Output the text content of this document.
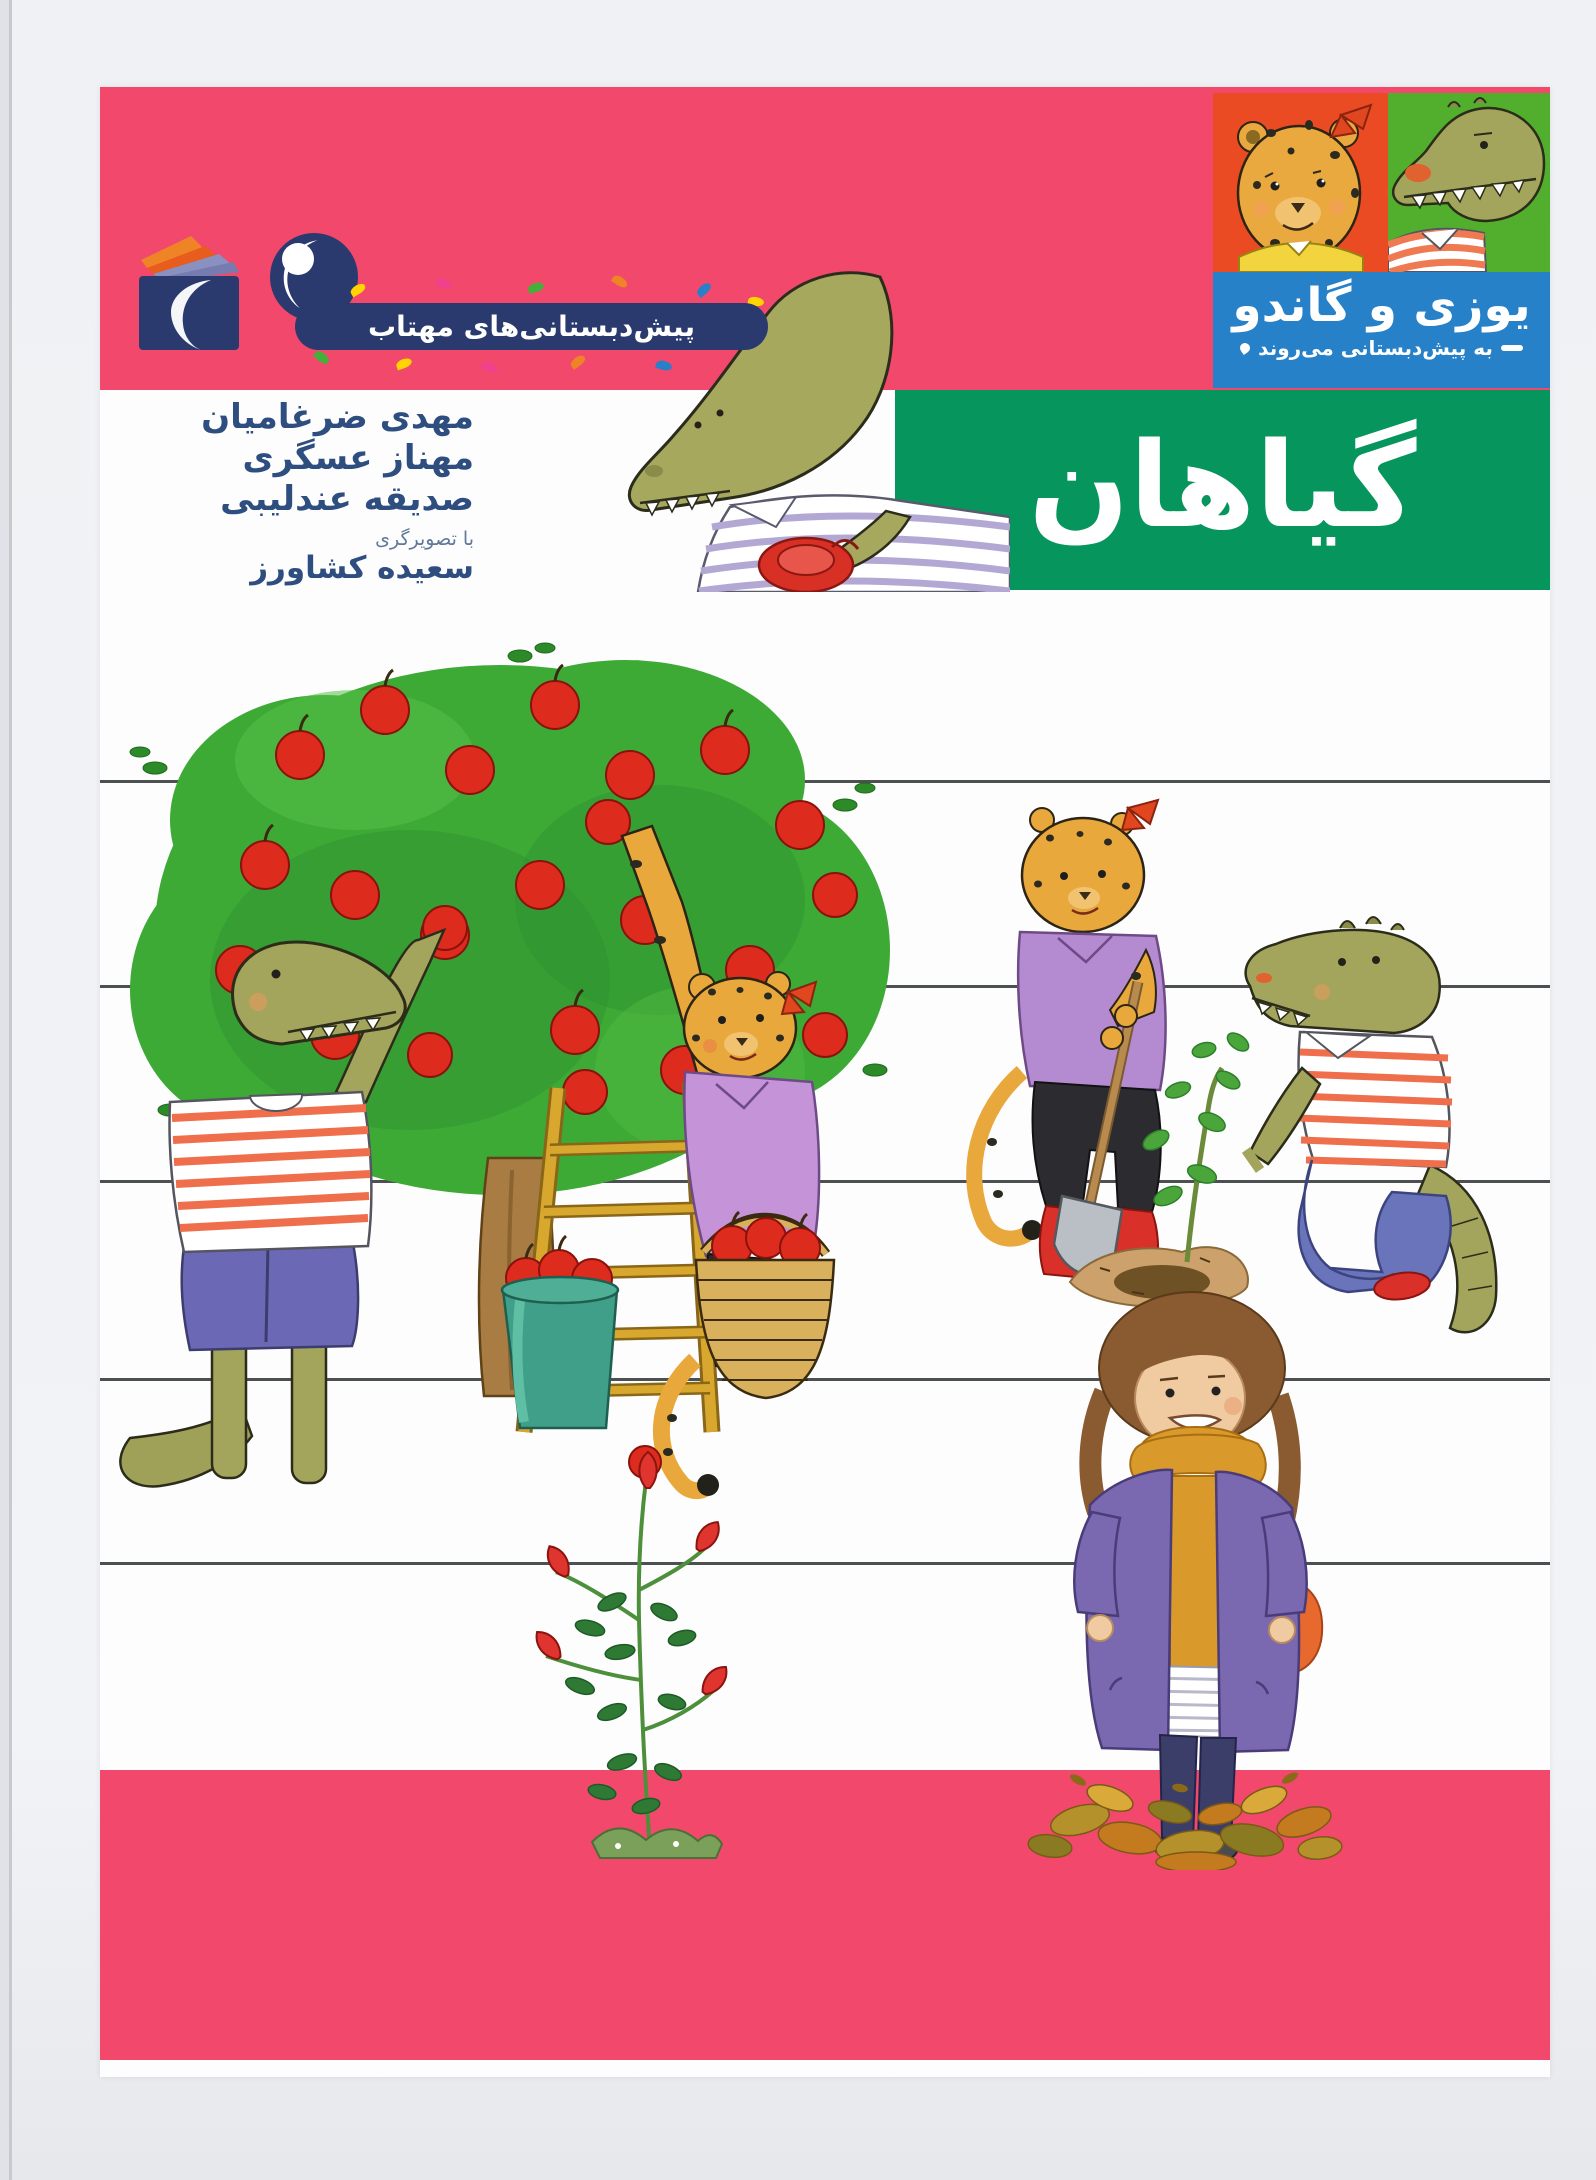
پیش‌دبستانی‌های مهتاب	یوزی و گاندو
به پیش‌دبستانی می‌روند
مهدی ضرغامیان
مهناز عسگری
صدیقه عندلیبی
با تصویرگری
سعیده کشاورز
گیاهان
